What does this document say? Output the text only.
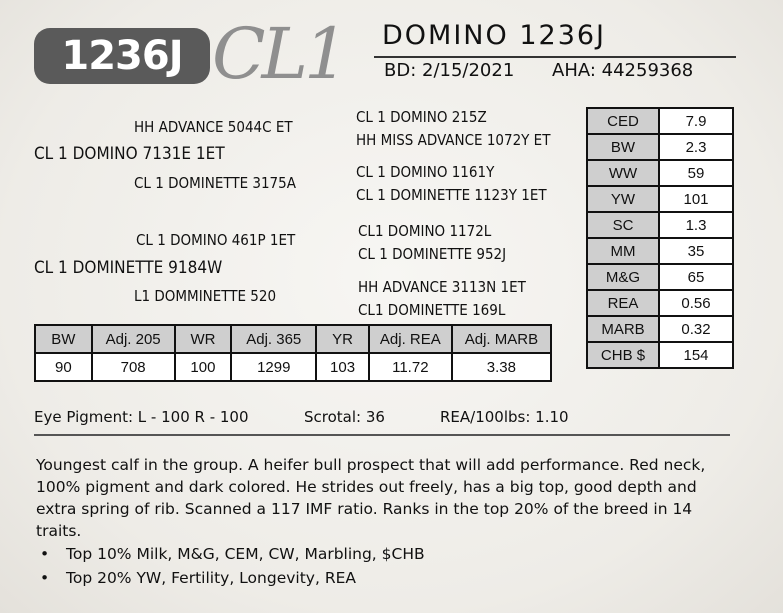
1236J CL1	DOMINO 1236J
BD: 2/15/2021 AHA: 44259368
HH ADVANCE 5044C ET
CL 1 DOMINO 7131E 1ET
CL 1 DOMINETTE 3175A
CL 1 DOMINO 461P 1ET
CL 1 DOMINETTE 9184W
L1 DOMMINETTE 520
CL 1 DOMINO 215Z
HH MISS ADVANCE 1072Y ET
CL 1 DOMINO 1161Y
CL 1 DOMINETTE 1123Y 1ET
CL1 DOMINO 1172L
CL 1 DOMINETTE 952J
HH ADVANCE 3113N 1ET
CL1 DOMINETTE 169L
CED	7.9
BW	2.3
WW	59
YW	101
SC	1.3
MM	35
M&G	65
REA	0.56
MARB	0.32
CHB $	154
BW	Adj. 205	WR	Adj. 365	YR	Adj. REA	Adj. MARB
90	708	100	1299	103	11.72	3.38
Eye Pigment: L - 100 R - 100	Scrotal: 36	REA/100lbs: 1.10
Youngest calf in the group. A heifer bull prospect that will add performance. Red neck, 100% pigment and dark colored. He strides out freely, has a big top, good depth and extra spring of rib. Scanned a 117 IMF ratio. Ranks in the top 20% of the breed in 14 traits.
•	Top 10% Milk, M&G, CEM, CW, Marbling, $CHB
•	Top 20% YW, Fertility, Longevity, REA
